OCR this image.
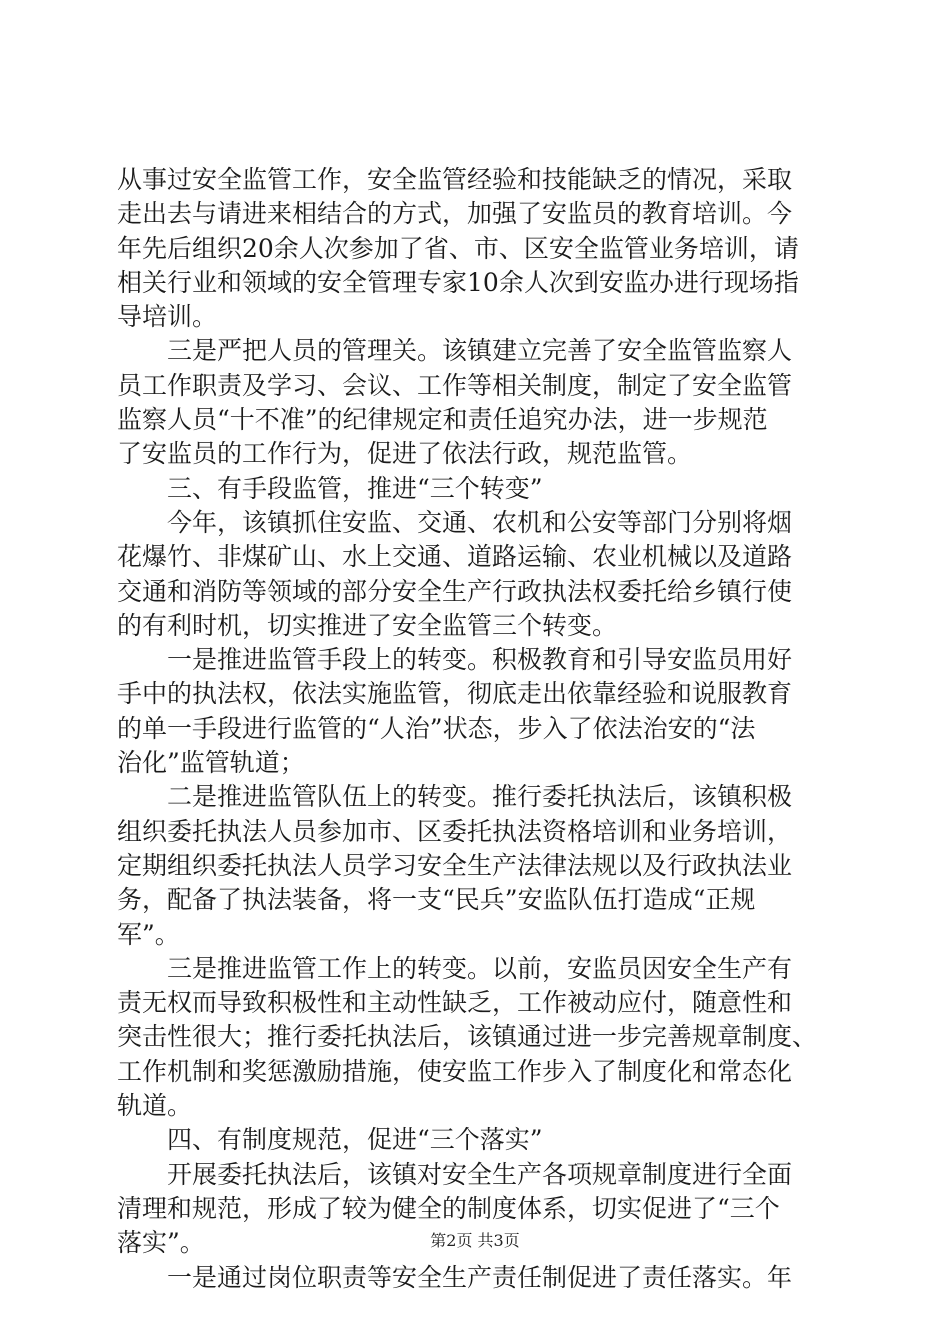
从事过安全监管工作，安全监管经验和技能缺乏的情况，采取
走出去与请进来相结合的方式，加强了安监员的教育培训。今
年先后组织20余人次参加了省、市、区安全监管业务培训，请
相关行业和领域的安全管理专家10余人次到安监办进行现场指
导培训。
　　三是严把人员的管理关。该镇建立完善了安全监管监察人
员工作职责及学习、会议、工作等相关制度，制定了安全监管
监察人员“十不准”的纪律规定和责任追究办法，进一步规范
了安监员的工作行为，促进了依法行政，规范监管。
　　三、有手段监管，推进“三个转变”
　　今年，该镇抓住安监、交通、农机和公安等部门分别将烟
花爆竹、非煤矿山、水上交通、道路运输、农业机械以及道路
交通和消防等领域的部分安全生产行政执法权委托给乡镇行使
的有利时机，切实推进了安全监管三个转变。
　　一是推进监管手段上的转变。积极教育和引导安监员用好
手中的执法权，依法实施监管，彻底走出依靠经验和说服教育
的单一手段进行监管的“人治”状态，步入了依法治安的“法
治化”监管轨道；
　　二是推进监管队伍上的转变。推行委托执法后，该镇积极
组织委托执法人员参加市、区委托执法资格培训和业务培训，
定期组织委托执法人员学习安全生产法律法规以及行政执法业
务，配备了执法装备，将一支“民兵”安监队伍打造成“正规
军”。
　　三是推进监管工作上的转变。以前，安监员因安全生产有
责无权而导致积极性和主动性缺乏，工作被动应付，随意性和
突击性很大；推行委托执法后，该镇通过进一步完善规章制度、
工作机制和奖惩激励措施，使安监工作步入了制度化和常态化
轨道。
　　四、有制度规范，促进“三个落实”
　　开展委托执法后，该镇对安全生产各项规章制度进行全面
清理和规范，形成了较为健全的制度体系，切实促进了“三个
落实”。
　　一是通过岗位职责等安全生产责任制促进了责任落实。年
第2页 共3页
